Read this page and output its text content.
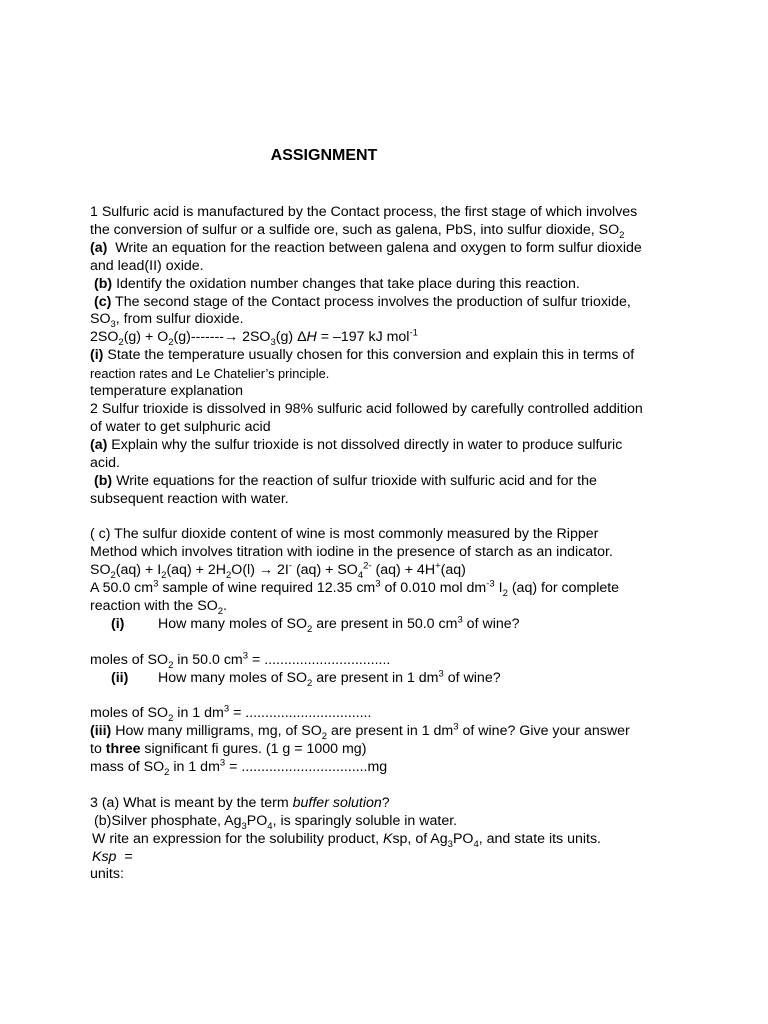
ASSIGNMENT
1 Sulfuric acid is manufactured by the Contact process, the first stage of which involves
the conversion of sulfur or a sulfide ore, such as galena, PbS, into sulfur dioxide, $SO_2$
(a) Write an equation for the reaction between galena and oxygen to form sulfur dioxide
and lead(II) oxide.
(b) Identify the oxidation number changes that take place during this reaction.
(c) The second stage of the Contact process involves the production of sulfur trioxide,
$SO_3$, from sulfur dioxide.
$2SO_2(g) + O_2(g)-------\to 2SO_3(g) \Delta H = -197$ kJ mol$^{-1}$
(i) State the temperature usually chosen for this conversion and explain this in terms of
reaction rates and Le Chatelier’s principle.
temperature explanation
2 Sulfur trioxide is dissolved in 98% sulfuric acid followed by carefully controlled addition
of water to get sulphuric acid
(a) Explain why the sulfur trioxide is not dissolved directly in water to produce sulfuric
acid.
(b) Write equations for the reaction of sulfur trioxide with sulfuric acid and for the
subsequent reaction with water.
( c) The sulfur dioxide content of wine is most commonly measured by the Ripper
Method which involves titration with iodine in the presence of starch as an indicator.
$SO_2(aq) + I_2(aq) + 2H_2O(l) \to 2I^-$ $(aq) + SO_4^{2-}$ (aq) + 4H+(aq)
A 50.0 $cm^3$ sample of wine required 12.35 $cm^3$ of 0.010 mol $dm^{-3}$ $I_2$ (aq) for complete
reaction with the $SO_2$.
(i) How many moles of $SO_2$ are present in 50.0 $cm^3$ of wine?
moles of $SO_2$ in 50.0 $cm^3$ = ................................
(ii) How many moles of $SO_2$ are present in 1 $dm^3$ of wine?
moles of $SO_2$ in 1 $dm^3$ = ................................
(iii) How many milligrams, mg, of $SO_2$ are present in 1 $dm^3$ of wine? Give your answer
to three significant fi gures. (1 g = 1000 mg)
mass of $SO_2$ in 1 $dm^3 = ................................mg$
3 (a) What is meant by the term buffer solution?
(b)Silver phosphate, $Ag_3PO_4$, is sparingly soluble in water.
W rite an expression for the solubility product, Ksp, of $Ag_3PO_4$, and state its units.
Ksp  =
units:
